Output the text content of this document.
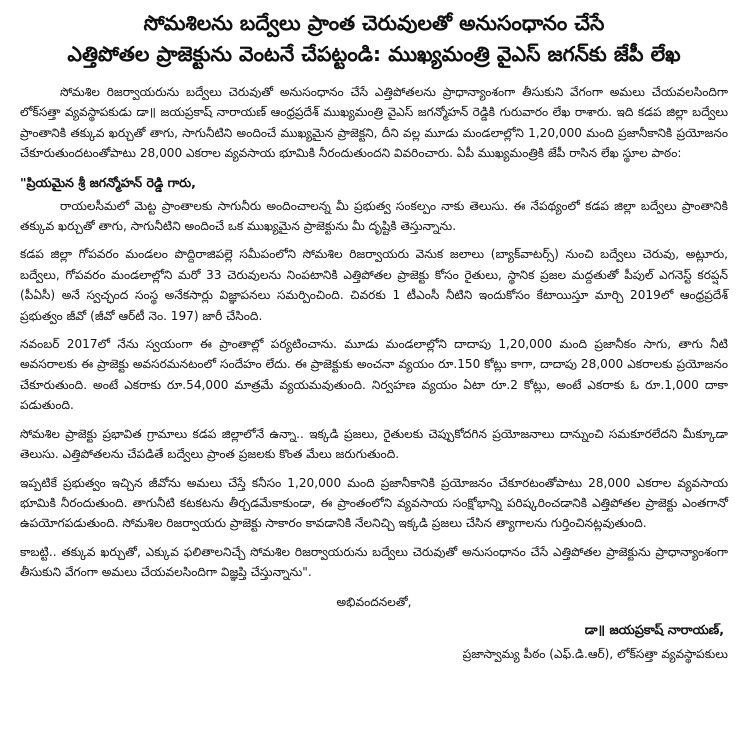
సోమశిలను బద్వేలు ప్రాంత చెరువులతో అనుసంధానం చేసే
ఎత్తిపోతల ప్రాజెక్టును వెంటనే చేపట్టండి: ముఖ్యమంత్రి వైఎస్ జగన్‌కు జేపీ లేఖ

సోమశిల రిజర్వాయరును బద్వేలు చెరువుతో అనుసంధానం చేసే ఎత్తిపోతలను ప్రాధాన్యాంశంగా తీసుకుని వేగంగా అమలు చేయవలసిందిగా లోక్‌సత్తా వ్యవస్థాపకుడు డా॥ జయప్రకాష్ నారాయణ్ ఆంధ్రప్రదేశ్ ముఖ్యమంత్రి వైఎస్ జగన్మోహన్ రెడ్డికి గురువారం లేఖ రాశారు. ఇది కడప జిల్లా బద్వేలు ప్రాంతానికి తక్కువ ఖర్చుతో తాగు, సాగునీటిని అందించే ముఖ్యమైన ప్రాజెక్టని, దీని వల్ల మూడు మండలాల్లోని 1,20,000 మంది ప్రజానీకానికి ప్రయోజనం చేకూరుతుందటంతోపాటు 28,000 ఎకరాల వ్యవసాయ భూమికి నీరందుతుందని వివరించారు. ఏపీ ముఖ్యమంత్రికి జేపీ రాసిన లేఖ స్థూల పాఠం:

"ప్రియమైన శ్రీ జగన్మోహన్ రెడ్డి గారు,

రాయలసీమలో మెట్ట ప్రాంతాలకు సాగునీరు అందించాలన్న మీ ప్రభుత్వ సంకల్పం నాకు తెలుసు. ఈ నేపథ్యంలో కడప జిల్లా బద్వేలు ప్రాంతానికి తక్కువ ఖర్చుతో తాగు, సాగునీటిని అందించే ఒక ముఖ్యమైన ప్రాజెక్టును మీ దృష్టికి తెస్తున్నాను.

కడప జిల్లా గోపవరం మండలం పొద్దిరాజిపల్లె సమీపంలోని సోమశిల రిజర్వాయరు వెనుక జలాలు (బ్యాక్‌వాటర్స్) నుంచి బద్వేలు చెరువు, అట్లూరు, బద్వేలు, గోపవరం మండలాల్లోని మరో 33 చెరువులను నింపటానికి ఎత్తిపోతల ప్రాజెక్టు కోసం రైతులు, స్థానిక ప్రజల మద్దతుతో పీపుల్ ఎగనెస్ట్ కరప్షన్ (పీఏసీ) అనే స్వచ్ఛంద సంస్థ అనేకసార్లు విజ్ఞాపనలు సమర్పించింది. చివరకు 1 టీఎంసీ నీటిని ఇందుకోసం కేటాయిస్తూ మార్చి 2019లో ఆంధ్రప్రదేశ్ ప్రభుత్వం జీవో (జీవో ఆర్‌టీ నెం. 197) జారీ చేసింది.

నవంబర్ 2017లో నేను స్వయంగా ఈ ప్రాంతాల్లో పర్యటించాను. మూడు మండలాల్లోని దాదాపు 1,20,000 మంది ప్రజానీకం సాగు, తాగు నీటి అవసరాలకు ఈ ప్రాజెక్టు అవసరమనటంలో సందేహం లేదు. ఈ ప్రాజెక్టుకు అంచనా వ్యయం రూ.150 కోట్లు కాగా, దాదాపు 28,000 ఎకరాలకు ప్రయోజనం చేకూరుతుంది. అంటే ఎకరాకు రూ.54,000 మాత్రమే వ్యయమవుతుంది. నిర్వహణ వ్యయం ఏటా రూ.2 కోట్లు, అంటే ఎకరాకు ఓ రూ.1,000 దాకా పడుతుంది.

సోమశిల ప్రాజెక్టు ప్రభావిత గ్రామాలు కడప జిల్లాలోనే ఉన్నా.. ఇక్కడి ప్రజలు, రైతులకు చెప్పుకోదగిన ప్రయోజనాలు దాన్నుంచి సమకూరలేదని మీక్కూడా తెలుసు. ఎత్తిపోతలను చేపడితే బద్వేలు ప్రాంత ప్రజలకు కొంత మేలు జరుగుతుంది.

ఇప్పటికే ప్రభుత్వం ఇచ్చిన జీవోను అమలు చేస్తే కనీసం 1,20,000 మంది ప్రజానీకానికి ప్రయోజనం చేకూరటంతోపాటు 28,000 ఎకరాల వ్యవసాయ భూమికి నీరందుతుంది. తాగునీటి కటకటను తీర్చడమేకాకుండా, ఈ ప్రాంతంలోని వ్యవసాయ సంక్షోభాన్ని పరిష్కరించడానికి ఎత్తిపోతల ప్రాజెక్టు ఎంతగానో ఉపయోగపడుతుంది. సోమశిల రిజర్వాయరు ప్రాజెక్టు సాకారం కావడానికి నేలనిచ్చి ఇక్కడి ప్రజలు చేసిన త్యాగాలను గుర్తించినట్లవుతుంది.

కాబట్టి.. తక్కువ ఖర్చుతో, ఎక్కువ ఫలితాలనిచ్చే సోమశిల రిజర్వాయరును బద్వేలు చెరువుతో అనుసంధానం చేసే ఎత్తిపోతల ప్రాజెక్టును ప్రాధాన్యాంశంగా తీసుకుని వేగంగా అమలు చేయవలసిందిగా విజ్ఞప్తి చేస్తున్నాను".

అభివందనలతో,

డా॥ జయప్రకాష్ నారాయణ్,

ప్రజాస్వామ్య పీఠం (ఎఫ్.డి.ఆర్), లోక్‌సత్తా వ్యవస్థాపకులు
